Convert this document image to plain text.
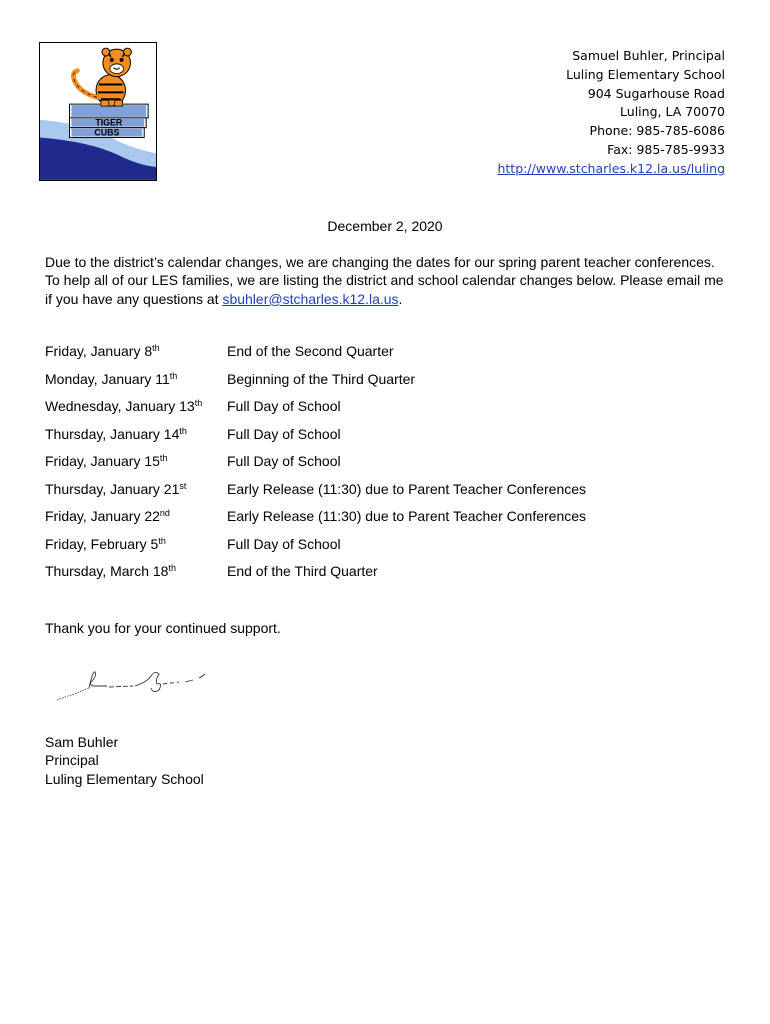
TIGER
CUBS
Samuel Buhler, Principal
Luling Elementary School
904 Sugarhouse Road
Luling, LA 70070
Phone: 985-785-6086
Fax: 985-785-9933
http://www.stcharles.k12.la.us/luling
December 2, 2020
Due to the district’s calendar changes, we are changing the dates for our spring parent teacher conferences. To help all of our LES families, we are listing the district and school calendar changes below. Please email me if you have any questions at sbuhler@stcharles.k12.la.us.
Friday, January 8th	End of the Second Quarter
Monday, January 11th	Beginning of the Third Quarter
Wednesday, January 13th Full Day of School
Thursday, January 14th	Full Day of School
Friday, January 15th	Full Day of School
Thursday, January 21st	Early Release (11:30) due to Parent Teacher Conferences
Friday, January 22nd	Early Release (11:30) due to Parent Teacher Conferences
Friday, February 5th	Full Day of School
Thursday, March 18th	End of the Third Quarter
Thank you for your continued support.
Sam Buhler
Principal
Luling Elementary School
